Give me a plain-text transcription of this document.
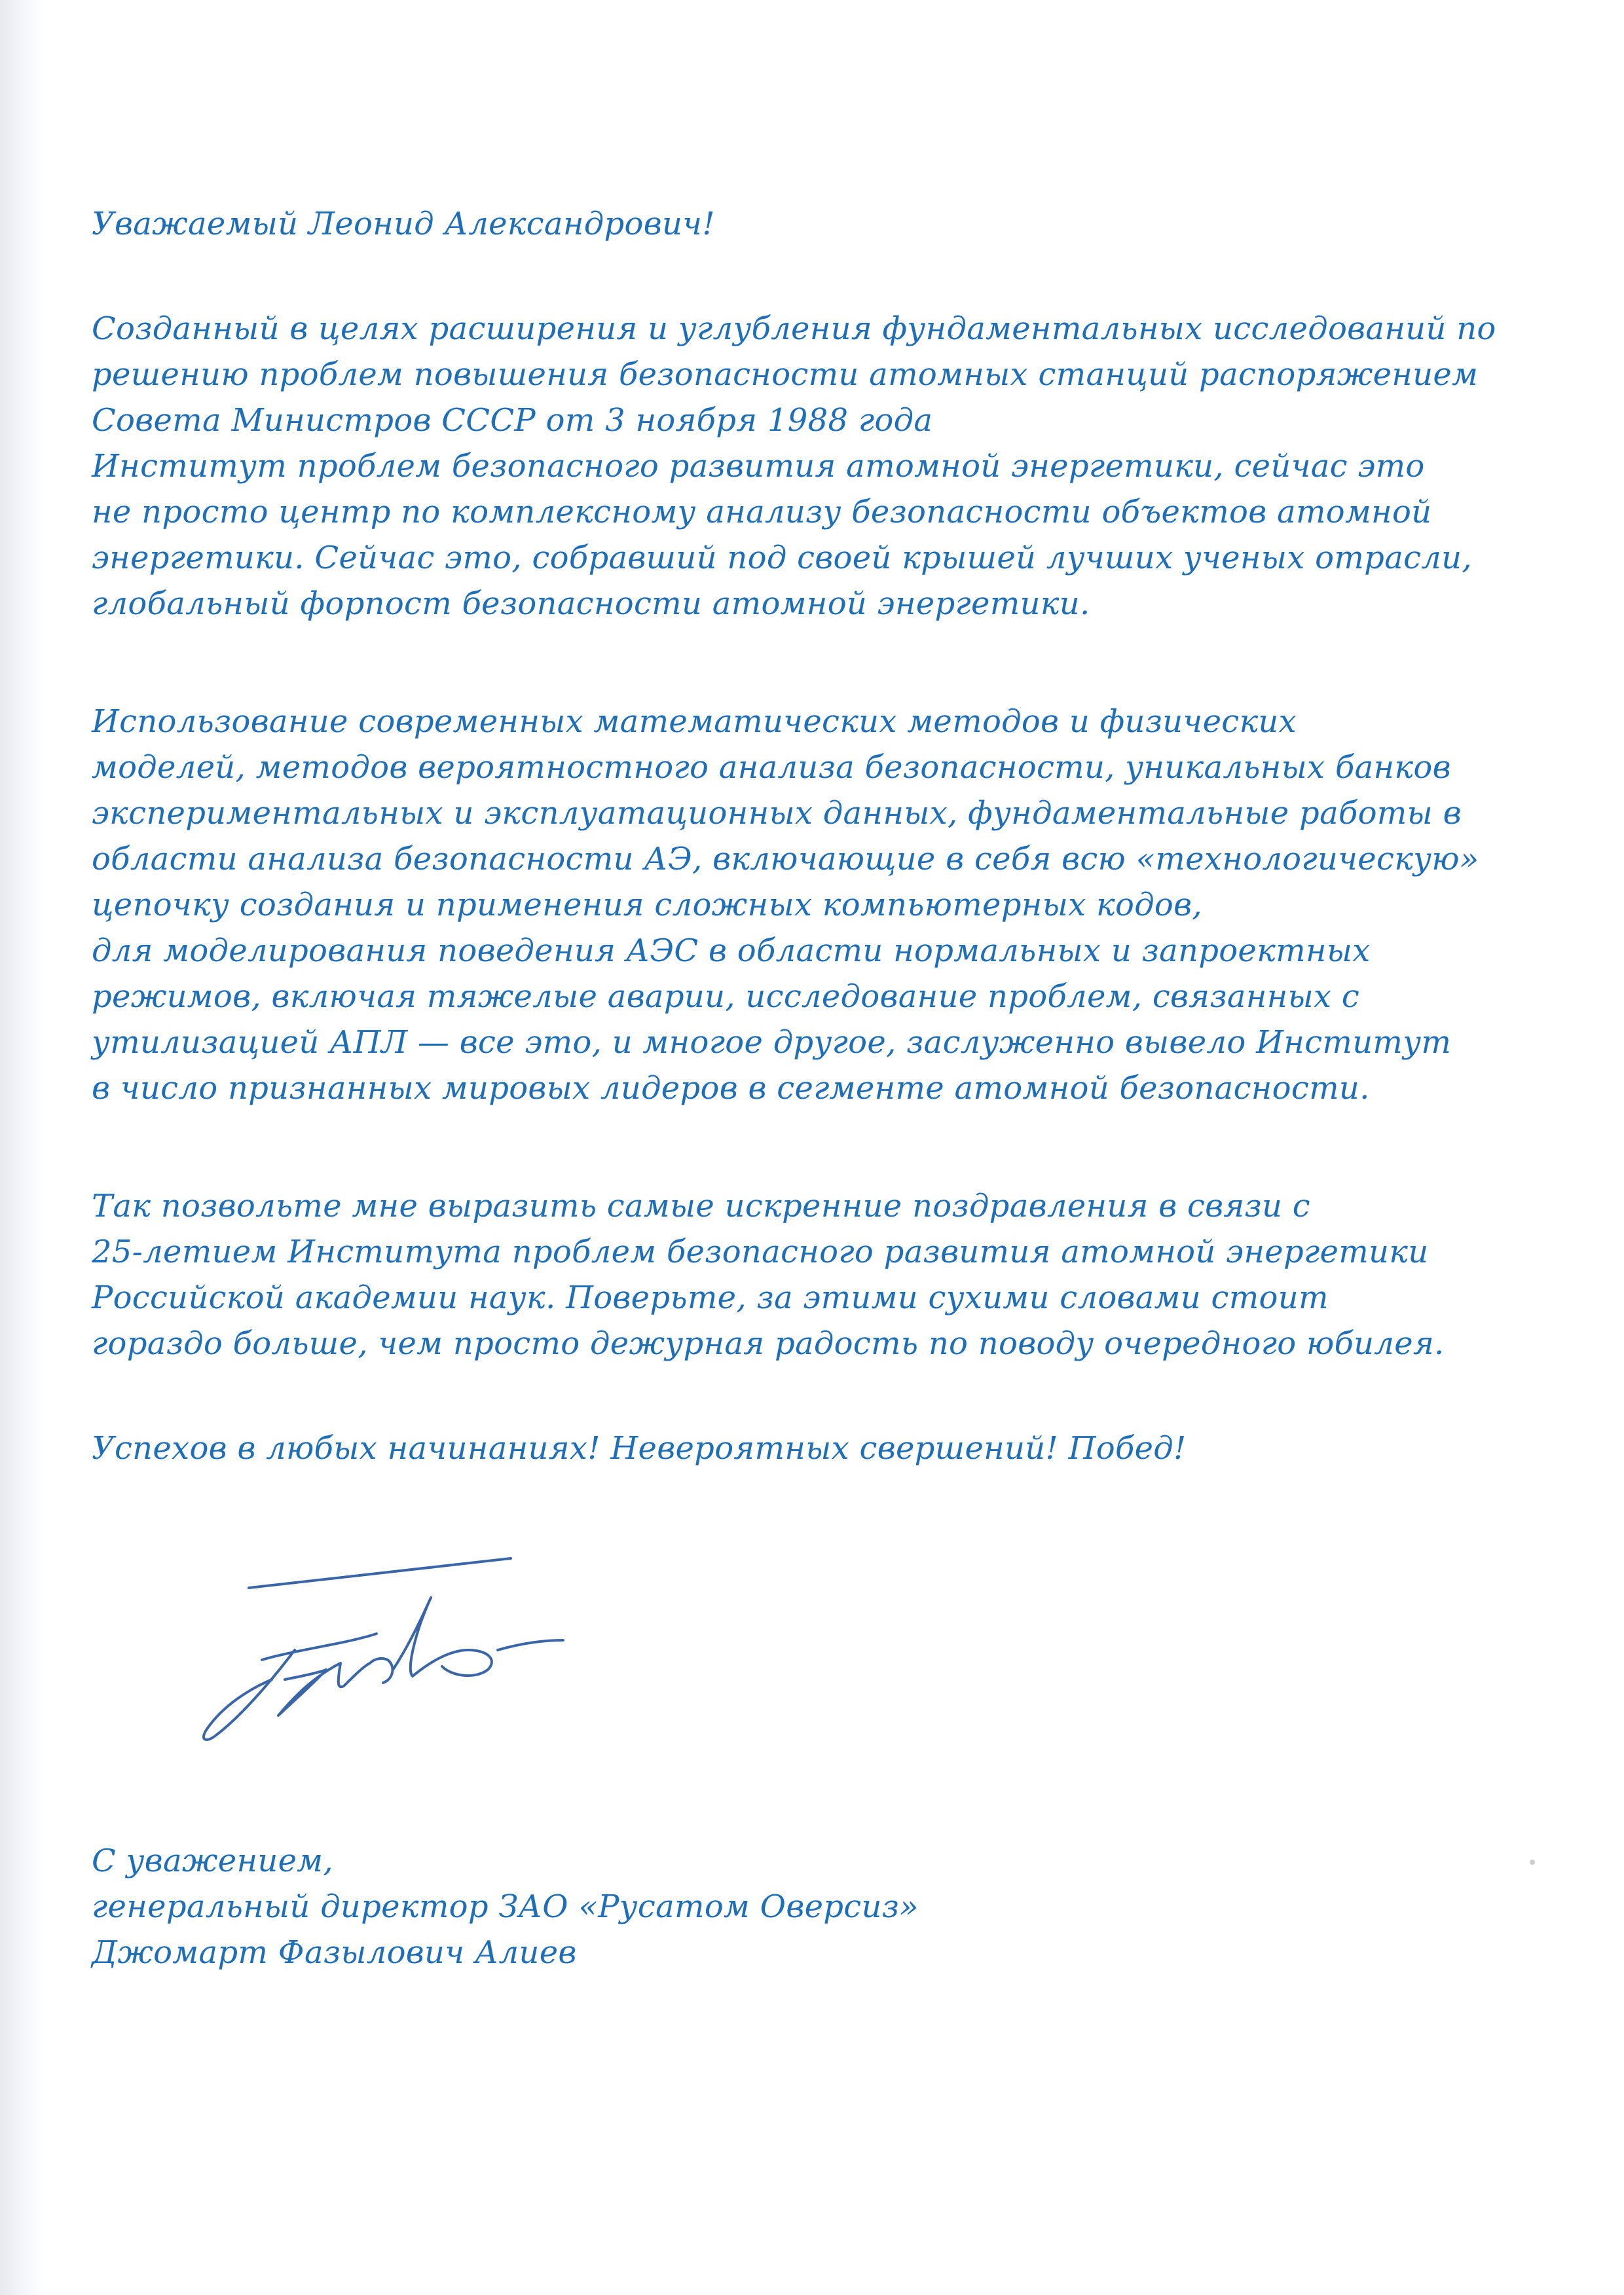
Уважаемый Леонид Александрович!
Созданный в целях расширения и углубления фундаментальных исследований по
решению проблем повышения безопасности атомных станций распоряжением
Совета Министров СССР от 3 ноября 1988 года
Институт проблем безопасного развития атомной энергетики, сейчас это
не просто центр по комплексному анализу безопасности объектов атомной
энергетики. Сейчас это, собравший под своей крышей лучших ученых отрасли,
глобальный форпост безопасности атомной энергетики.
Использование современных математических методов и физических
моделей, методов вероятностного анализа безопасности, уникальных банков
экспериментальных и эксплуатационных данных, фундаментальные работы в
области анализа безопасности АЭ, включающие в себя всю «технологическую»
цепочку создания и применения сложных компьютерных кодов,
для моделирования поведения АЭС в области нормальных и запроектных
режимов, включая тяжелые аварии, исследование проблем, связанных с
утилизацией АПЛ — все это, и многое другое, заслуженно вывело Институт
в число признанных мировых лидеров в сегменте атомной безопасности.
Так позвольте мне выразить самые искренние поздравления в связи с
25-летием Института проблем безопасного развития атомной энергетики
Российской академии наук. Поверьте, за этими сухими словами стоит
гораздо больше, чем просто дежурная радость по поводу очередного юбилея.
Успехов в любых начинаниях! Невероятных свершений! Побед!
С уважением,
генеральный директор ЗАО «Русатом Оверсиз»
Джомарт Фазылович Алиев
